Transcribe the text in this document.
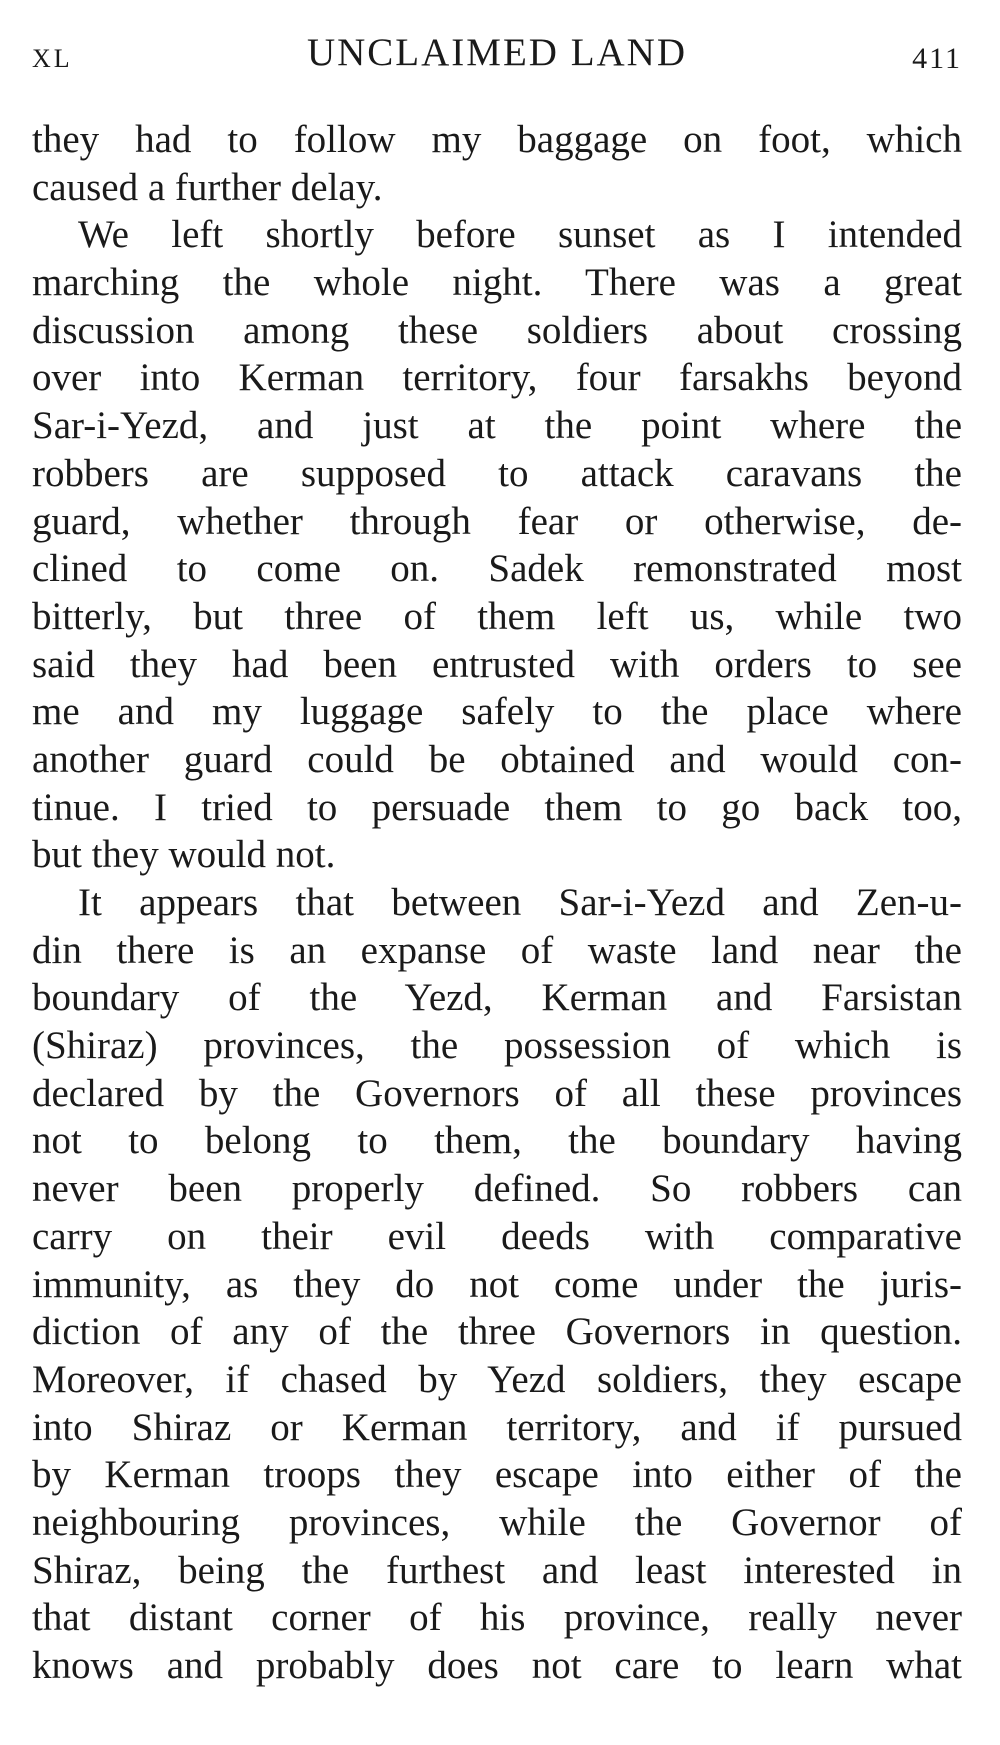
XL	UNCLAIMED LAND	411
they had to follow my baggage on foot, which
caused a further delay.
We left shortly before sunset as I intended
marching the whole night. There was a great
discussion among these soldiers about crossing
over into Kerman territory, four farsakhs beyond
Sar-i-Yezd, and just at the point where the
robbers are supposed to attack caravans the
guard, whether through fear or otherwise, de-
clined to come on. Sadek remonstrated most
bitterly, but three of them left us, while two
said they had been entrusted with orders to see
me and my luggage safely to the place where
another guard could be obtained and would con-
tinue. I tried to persuade them to go back too,
but they would not.
It appears that between Sar-i-Yezd and Zen-u-
din there is an expanse of waste land near the
boundary of the Yezd, Kerman and Farsistan
(Shiraz) provinces, the possession of which is
declared by the Governors of all these provinces
not to belong to them, the boundary having
never been properly defined. So robbers can
carry on their evil deeds with comparative
immunity, as they do not come under the juris-
diction of any of the three Governors in question.
Moreover, if chased by Yezd soldiers, they escape
into Shiraz or Kerman territory, and if pursued
by Kerman troops they escape into either of the
neighbouring provinces, while the Governor of
Shiraz, being the furthest and least interested in
that distant corner of his province, really never
knows and probably does not care to learn what
